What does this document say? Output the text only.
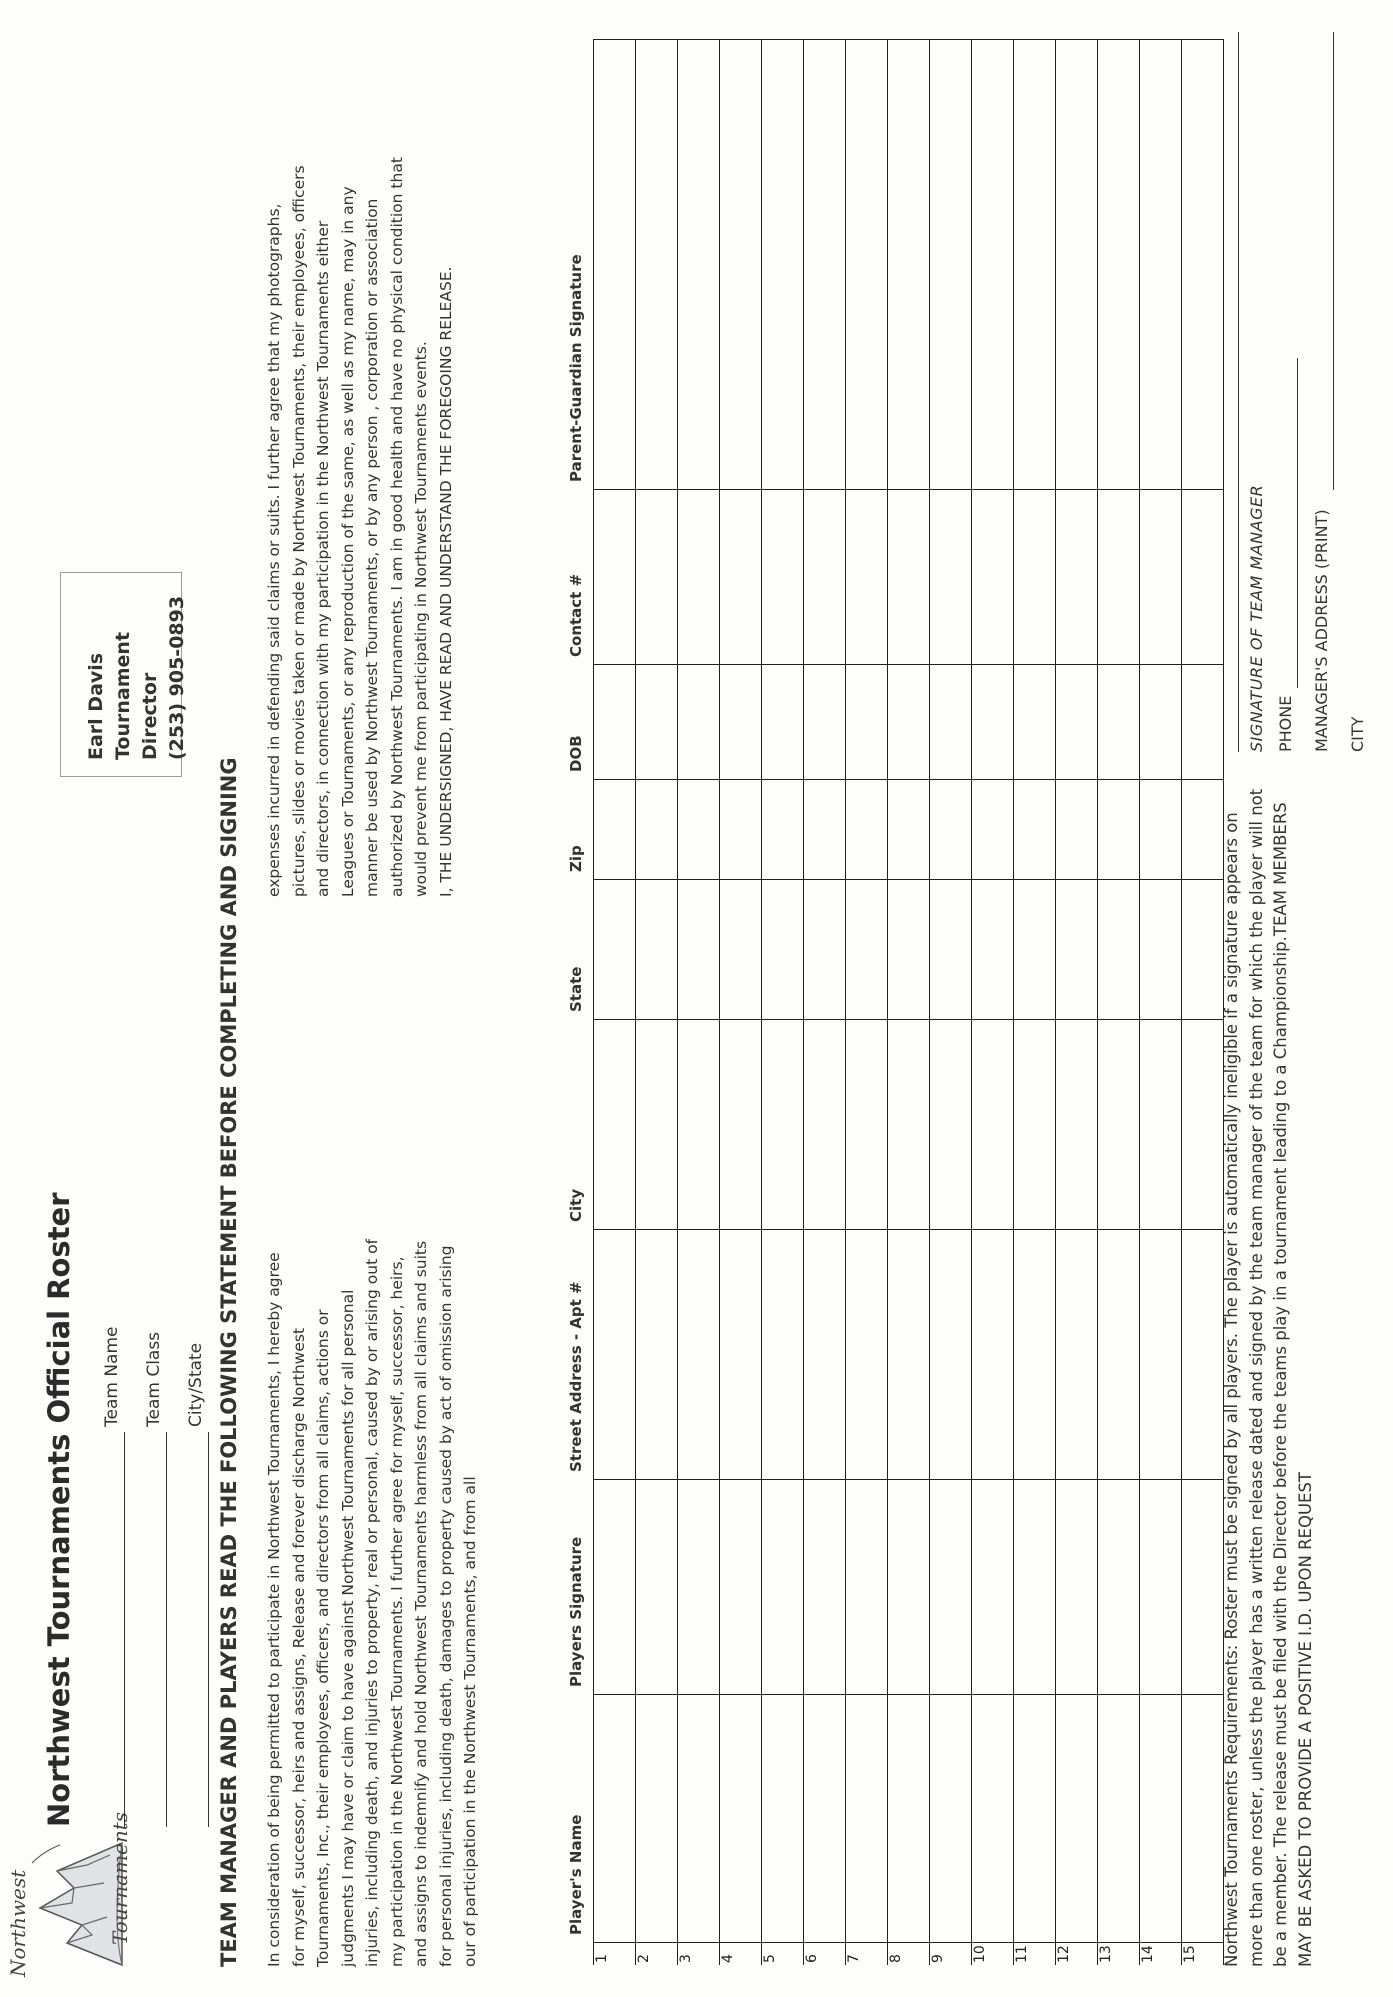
Northwest	Tournaments
Northwest Tournaments Official Roster Team Name Team Class City/State
Earl Davis Tournament Director (253) 905-0893
TEAM MANAGER AND PLAYERS READ THE FOLLOWING STATEMENT BEFORE COMPLETING AND SIGNING In consideration of being permitted to participate in Northwest Tournaments, I hereby agree for myself, successor, heirs and assigns, Release and forever discharge Northwest Tournaments, Inc., their employees, officers, and directors from all claims, actions or judgments I may have or claim to have against Northwest Tournaments for all personal injuries, including death, and injuries to property, real or personal, caused by or arising out of my participation in the Northwest Tournaments. I further agree for myself, successor, heirs, and assigns to indemnify and hold Northwest Tournaments harmless from all claims and suits for personal injuries, including death, damages to property caused by act of omission arising our of participation in the Northwest Tournaments, and from all
expenses incurred in defending said claims or suits. I further agree that my photographs, pictures, slides or movies taken or made by Northwest Tournaments, their employees, officers and directors, in connection with my participation in the Northwest Tournaments either Leagues or Tournaments, or any reproduction of the same, as well as my name, may in any manner be used by Northwest Tournaments, or by any person , corporation or association authorized by Northwest Tournaments. I am in good health and have no physical condition that would prevent me from participating in Northwest Tournaments events. I, THE UNDERSIGNED, HAVE READ AND UNDERSTAND THE FOREGOING RELEASE.
	Player's Name	Players Signature	Street Address - Apt #	City	State	Zip	DOB	Contact #	Parent-Guardian Signature
1									
2									
3									
4									
5									
6									
7									
8									
9									
10									
11									
12									
13									
14									
15									Northwest Tournaments Requirements: Roster must be signed by all players. The player is automatically ineligible if a signature appears on more than one roster, unless the player has a written release dated and signed by the team manager of the team for which the player will not be a member. The release must be filed with the Director before the teams play in a tournament leading to a Championship.TEAM MEMBERS MAY BE ASKED TO PROVIDE A POSITIVE I.D. UPON REQUEST
SIGNATURE OF TEAM MANAGER PHONE	MANAGER'S ADDRESS (PRINT)	CITY
